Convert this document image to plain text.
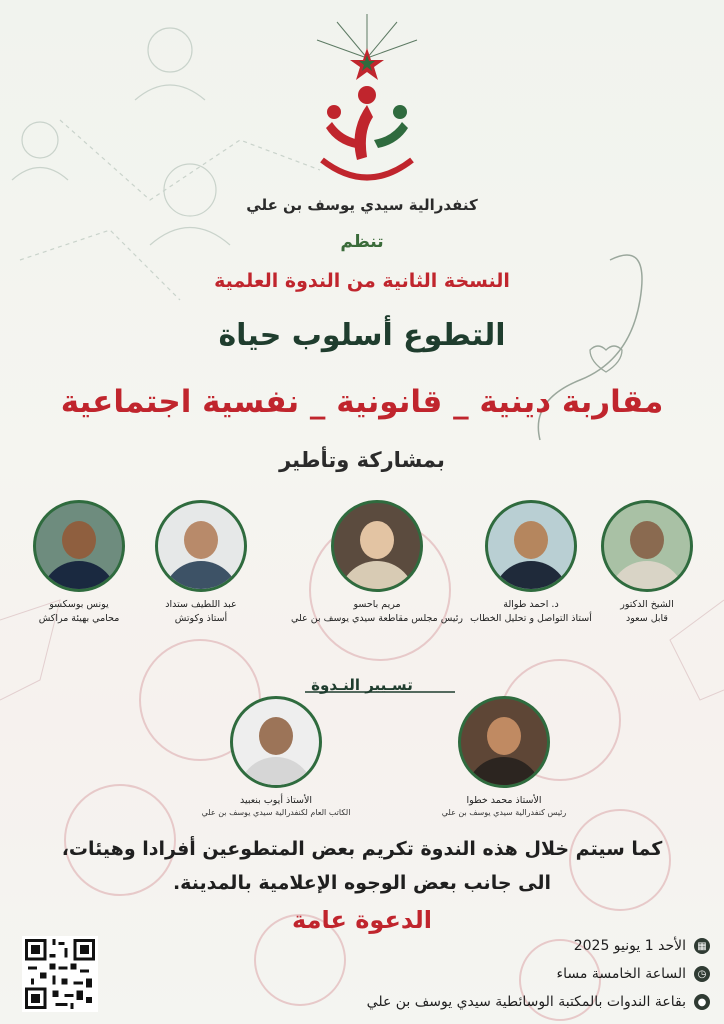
كنفدرالية سيدي يوسف بن علي
تنظم
النسخة الثانية من الندوة العلمية
التطوع أسلوب حياة
مقاربة دينية _ قانونية _ نفسية اجتماعية
بمشاركة وتأطير
الشيخ الدكتور
قابل سعود
د. احمد طوالة
أستاذ التواصل و تحليل الخطاب
مريم باحسو
رئيس مجلس مقاطعة سيدي يوسف بن علي
عبد اللطيف ستداد
أستاذ وكوتش
يونس بوسكسو
محامي بهيئة مراكش
تسـيير النـدوة
الأستاذ محمد خطوا
رئيس كنفدرالية سيدي يوسف بن علي
الأستاذ أيوب بنعبيد
الكاتب العام لكنفدرالية سيدي يوسف بن علي
كما سيتم خلال هذه الندوة تكريم بعض المتطوعين أفرادا وهيئات،
الى جانب بعض الوجوه الإعلامية بالمدينة.
الدعوة عامة
▦
الأحد 1 يونيو 2025
◷
الساعة الخامسة مساء
●
بقاعة الندوات بالمكتبة الوسائطية سيدي يوسف بن علي
